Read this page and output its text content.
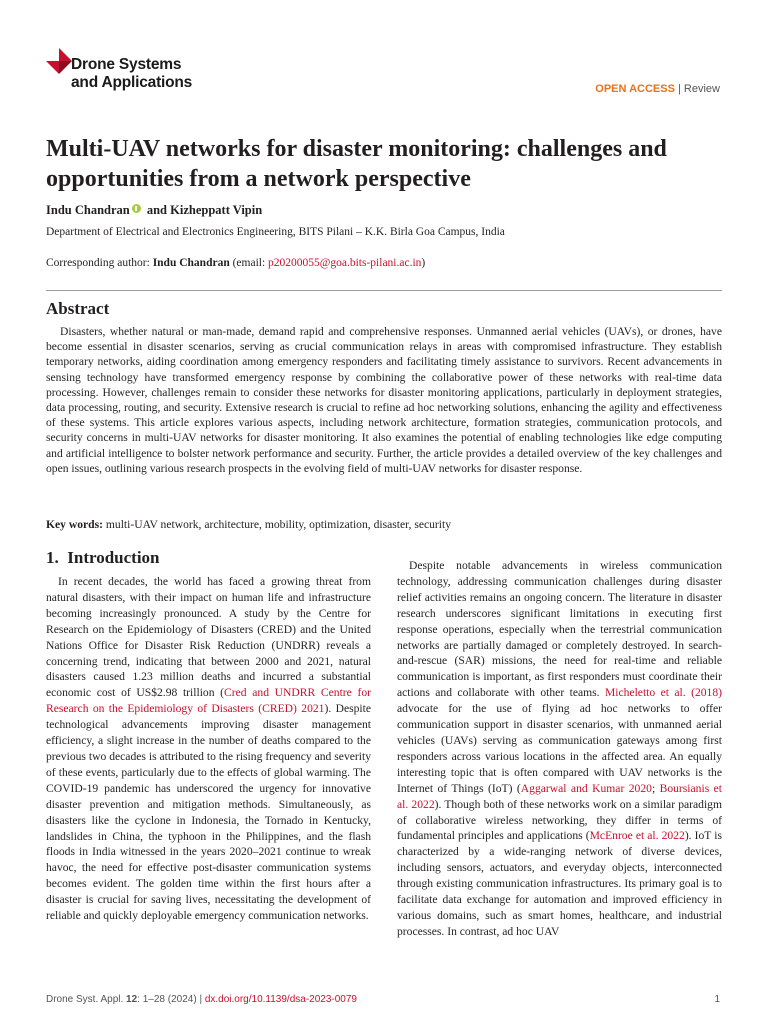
Drone Systems
and Applications	OPEN ACCESS | Review
Multi-UAV networks for disaster monitoring: challenges and opportunities from a network perspective
Indu Chandran and Kizheppatt Vipin
Department of Electrical and Electronics Engineering, BITS Pilani – K.K. Birla Goa Campus, India
Corresponding author: Indu Chandran (email: p20200055@goa.bits-pilani.ac.in)
Abstract

Disasters, whether natural or man-made, demand rapid and comprehensive responses. Unmanned aerial vehicles (UAVs), or drones, have become essential in disaster scenarios, serving as crucial communication relays in areas with compromised infrastructure. They establish temporary networks, aiding coordination among emergency responders and facilitating timely assistance to survivors. Recent advancements in sensing technology have transformed emergency response by combining the collaborative power of these networks with real-time data processing. However, challenges remain to consider these networks for disaster monitoring applications, particularly in deployment strategies, data processing, routing, and security. Extensive research is crucial to refine ad hoc networking solutions, enhancing the agility and effectiveness of these systems. This article explores various aspects, including network architecture, formation strategies, communication protocols, and security concerns in multi-UAV networks for disaster monitoring. It also examines the potential of enabling technologies like edge computing and artificial intelligence to bolster network performance and security. Further, the article provides a detailed overview of the key challenges and open issues, outlining various research prospects in the evolving field of multi-UAV networks for disaster response.

Key words: multi-UAV network, architecture, mobility, optimization, disaster, security
1. Introduction

In recent decades, the world has faced a growing threat from natural disasters, with their impact on human life and infrastructure becoming increasingly pronounced. A study by the Centre for Research on the Epidemiology of Disasters (CRED) and the United Nations Office for Disaster Risk Reduction (UNDRR) reveals a concerning trend, indicating that between 2000 and 2021, natural disasters caused 1.23 million deaths and incurred a substantial economic cost of US$2.98 trillion (Cred and UNDRR Centre for Research on the Epidemiology of Disasters (CRED) 2021). Despite technological advancements improving disaster management efficiency, a slight increase in the number of deaths compared to the previous two decades is attributed to the rising frequency and severity of these events, particularly due to the effects of global warming. The COVID-19 pandemic has underscored the urgency for innovative disaster prevention and mitigation methods. Simultaneously, as disasters like the cyclone in Indonesia, the Tornado in Kentucky, landslides in China, the typhoon in the Philippines, and the flash floods in India witnessed in the years 2020–2021 continue to wreak havoc, the need for effective post-disaster communication systems becomes evident. The golden time within the first hours after a disaster is crucial for saving lives, necessitating the development of reliable and quickly deployable emergency communication networks.

Despite notable advancements in wireless communication technology, addressing communication challenges during disaster relief activities remains an ongoing concern. The literature in disaster research underscores significant limitations in executing first response operations, especially when the terrestrial communication networks are partially damaged or completely destroyed. In search-and-rescue (SAR) missions, the need for real-time and reliable communication is important, as first responders must coordinate their actions and collaborate with other teams. Micheletto et al. (2018) advocate for the use of flying ad hoc networks to offer communication support in disaster scenarios, with unmanned aerial vehicles (UAVs) serving as communication gateways among first responders across various locations in the affected area. An equally interesting topic that is often compared with UAV networks is the Internet of Things (IoT) (Aggarwal and Kumar 2020; Boursianis et al. 2022). Though both of these networks work on a similar paradigm of collaborative wireless networking, they differ in terms of fundamental principles and applications (McEnroe et al. 2022). IoT is characterized by a wide-ranging network of diverse devices, including sensors, actuators, and everyday objects, interconnected through existing communication infrastructures. Its primary goal is to facilitate data exchange for automation and improved efficiency in various domains, such as smart homes, healthcare, and industrial processes. In contrast, ad hoc UAV

Drone Syst. Appl. 12: 1–28 (2024) | dx.doi.org/10.1139/dsa-2023-0079	1
